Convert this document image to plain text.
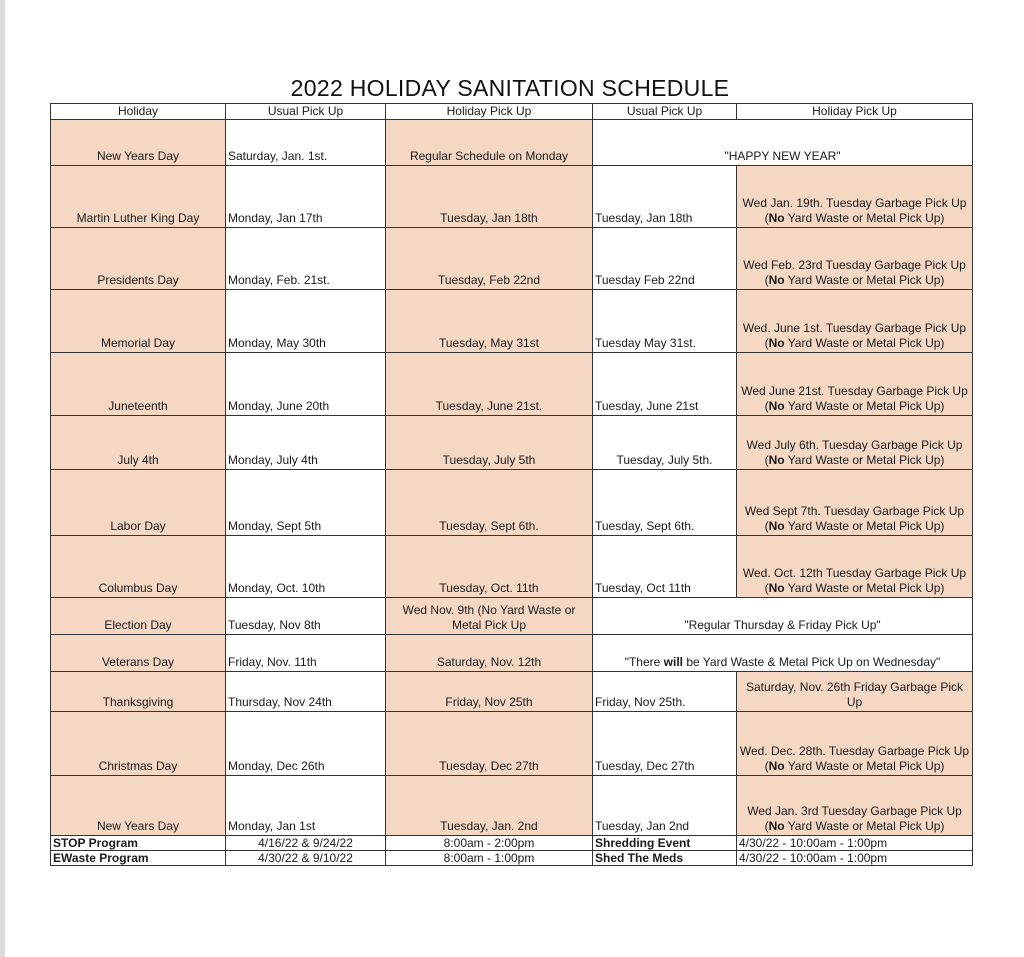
2022 HOLIDAY SANITATION SCHEDULE
Holiday	Usual Pick Up	Holiday Pick Up	Usual Pick Up	Holiday Pick Up
New Years Day	Saturday, Jan. 1st.	Regular Schedule on Monday	"HAPPY NEW YEAR"	
Martin Luther King Day	Monday, Jan 17th	Tuesday, Jan 18th	Tuesday, Jan 18th	Wed Jan. 19th. Tuesday Garbage Pick Up (No Yard Waste or Metal Pick Up)
Presidents Day	Monday, Feb. 21st.	Tuesday, Feb 22nd	Tuesday Feb 22nd	Wed Feb. 23rd Tuesday Garbage Pick Up (No Yard Waste or Metal Pick Up)
Memorial Day	Monday, May 30th	Tuesday, May 31st	Tuesday May 31st.	Wed. June 1st. Tuesday Garbage Pick Up (No Yard Waste or Metal Pick Up)
Juneteenth	Monday, June 20th	Tuesday, June 21st.	Tuesday, June 21st	Wed June 21st. Tuesday Garbage Pick Up (No Yard Waste or Metal Pick Up)
July 4th	Monday, July 4th	Tuesday, July 5th	Tuesday, July 5th.	Wed July 6th. Tuesday Garbage Pick Up (No Yard Waste or Metal Pick Up)
Labor Day	Monday, Sept 5th	Tuesday, Sept 6th.	Tuesday, Sept 6th.	Wed Sept 7th. Tuesday Garbage Pick Up (No Yard Waste or Metal Pick Up)
Columbus Day	Monday, Oct. 10th	Tuesday, Oct. 11th	Tuesday, Oct 11th	Wed. Oct. 12th Tuesday Garbage Pick Up (No Yard Waste or Metal Pick Up)
Election Day	Tuesday, Nov 8th	Wed Nov. 9th (No Yard Waste or Metal Pick Up	"Regular Thursday & Friday Pick Up"	
Veterans Day	Friday, Nov. 11th	Saturday, Nov. 12th	"There will be Yard Waste & Metal Pick Up on Wednesday"	
Thanksgiving	Thursday, Nov 24th	Friday, Nov 25th	Friday, Nov 25th.	Saturday, Nov. 26th Friday Garbage Pick Up
Christmas Day	Monday, Dec 26th	Tuesday, Dec 27th	Tuesday, Dec 27th	Wed. Dec. 28th. Tuesday Garbage Pick Up (No Yard Waste or Metal Pick Up)
New Years Day	Monday, Jan 1st	Tuesday, Jan. 2nd	Tuesday, Jan 2nd	Wed Jan. 3rd Tuesday Garbage Pick Up (No Yard Waste or Metal Pick Up)
STOP Program	4/16/22 & 9/24/22	8:00am - 2:00pm	Shredding Event	4/30/22 - 10:00am - 1:00pm
EWaste Program	4/30/22 & 9/10/22	8:00am - 1:00pm	Shed The Meds	4/30/22 - 10:00am - 1:00pm
